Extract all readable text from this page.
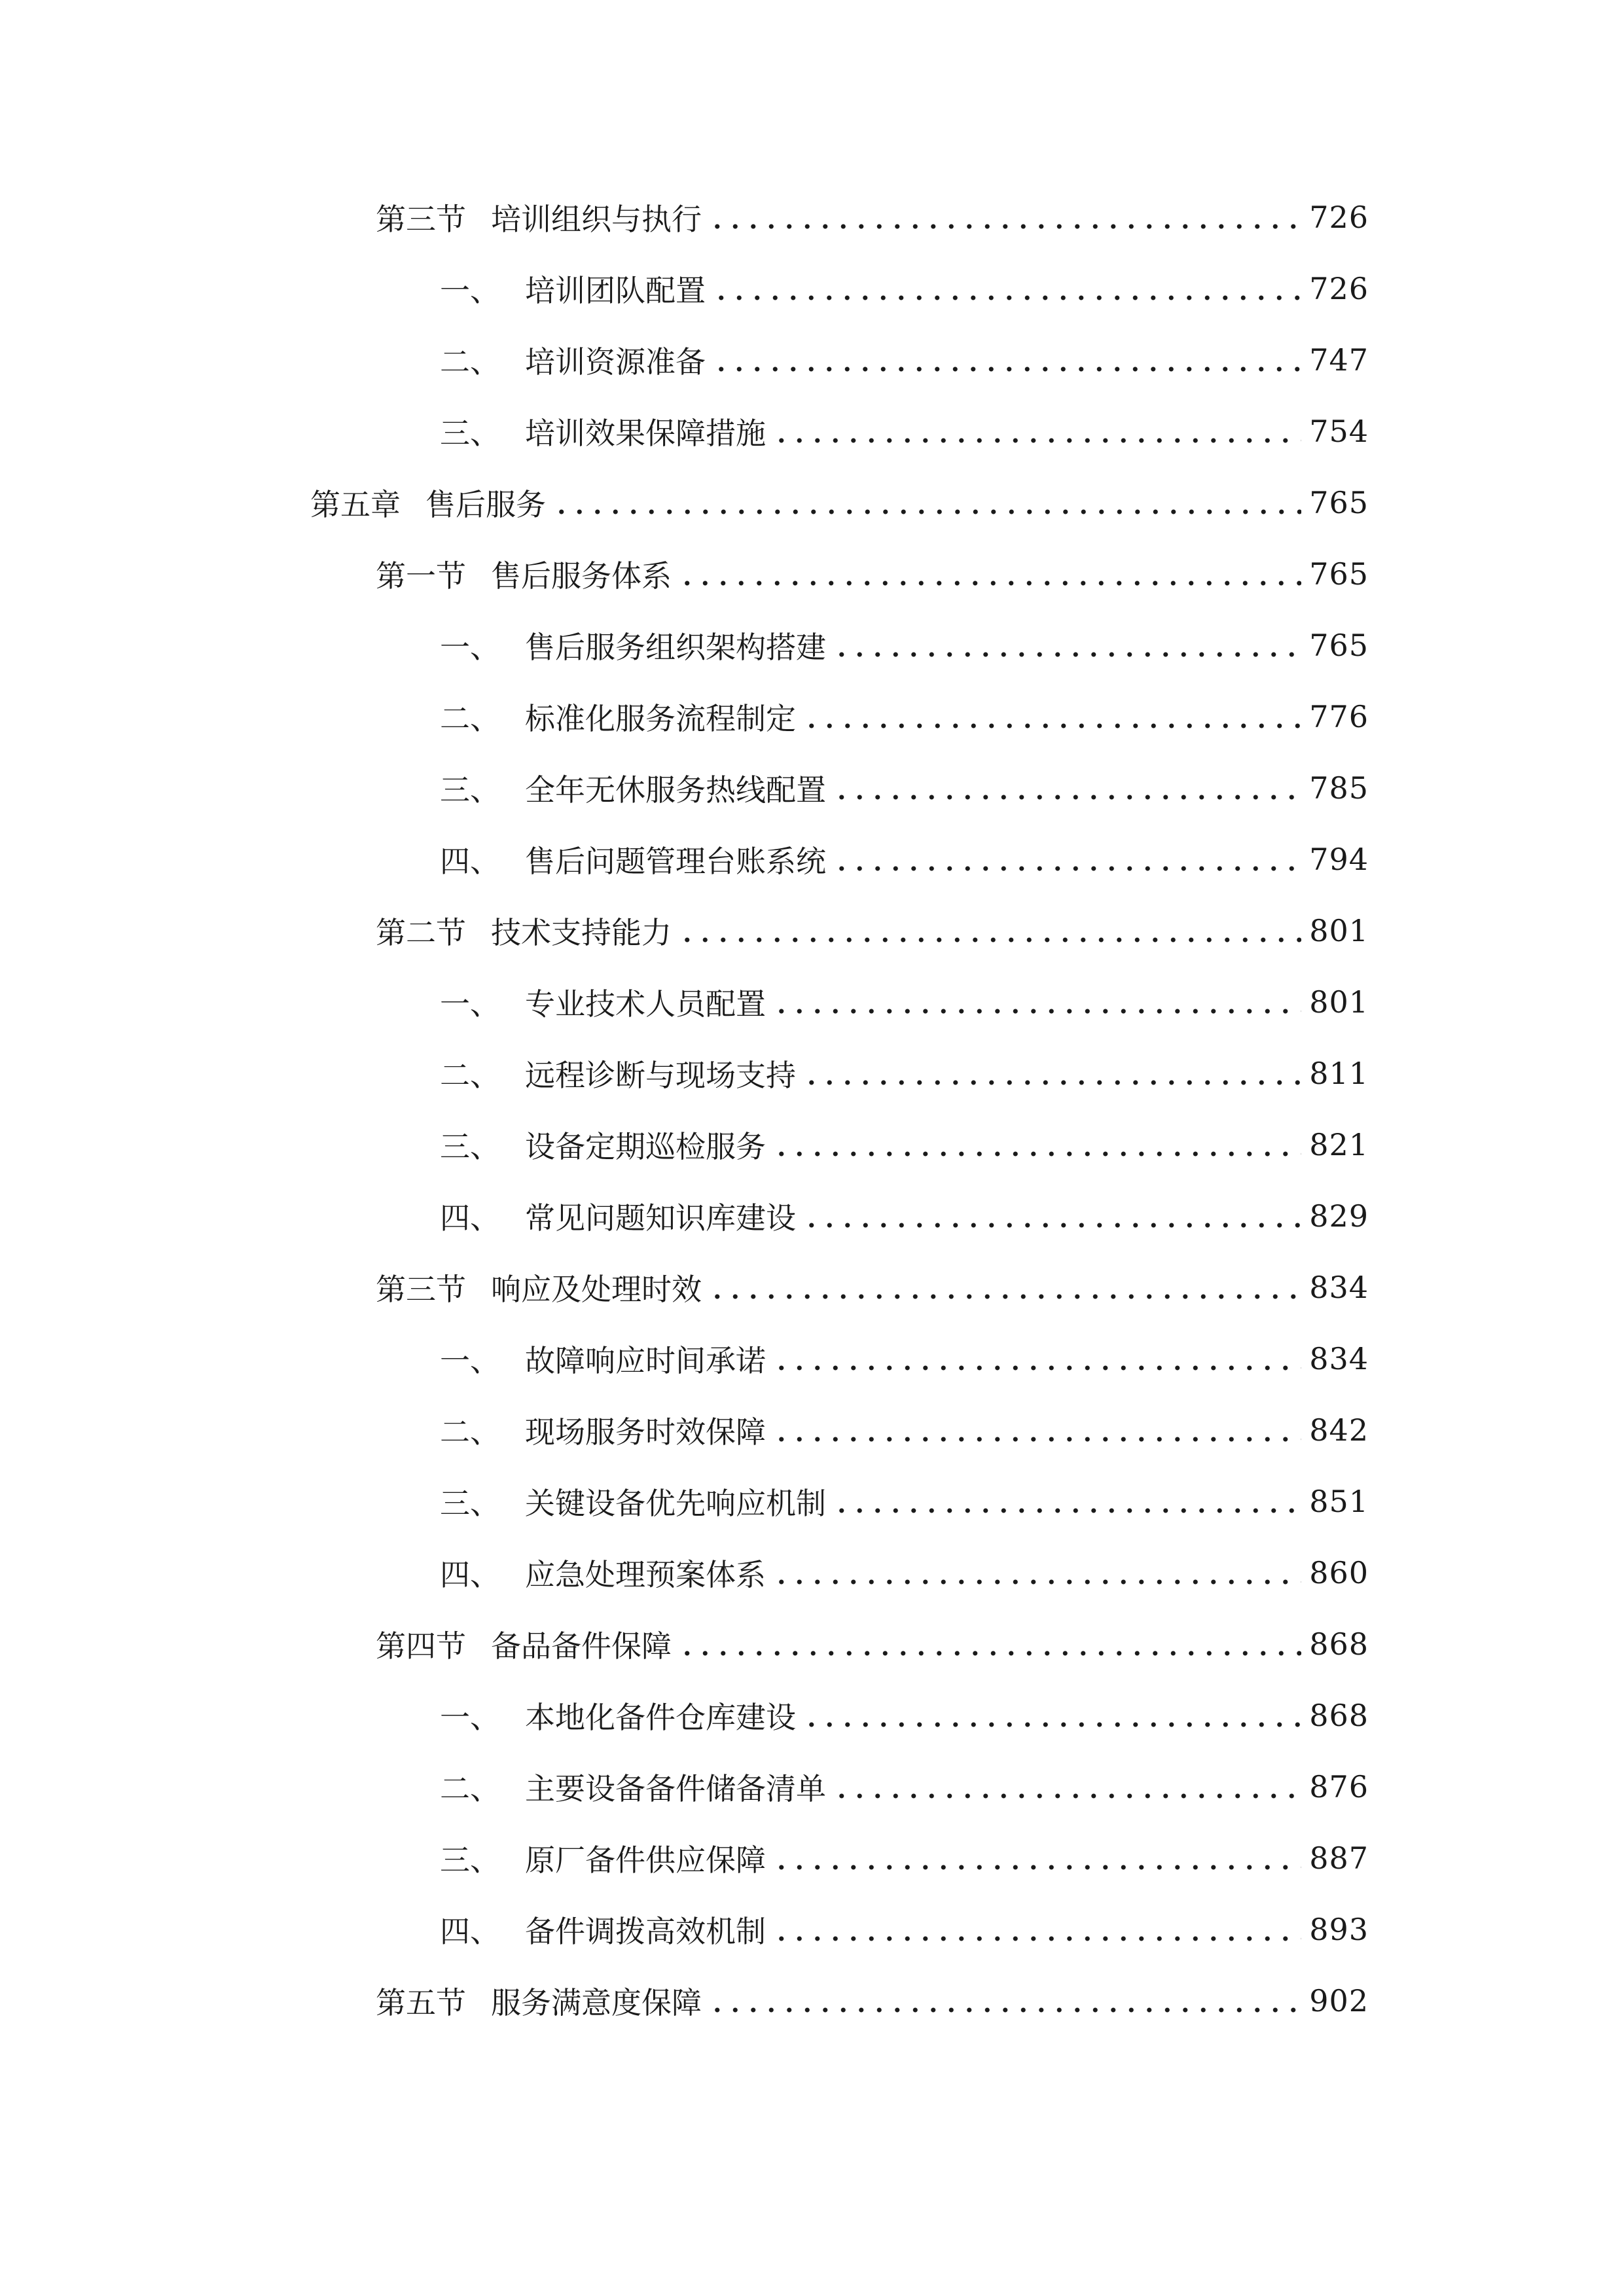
第三节 培训组织与执行	726
一、 培训团队配置	726
二、 培训资源准备	747
三、 培训效果保障措施	754
第五章 售后服务	765
第一节 售后服务体系	765
一、 售后服务组织架构搭建	765
二、 标准化服务流程制定	776
三、 全年无休服务热线配置	785
四、 售后问题管理台账系统	794
第二节 技术支持能力	801
一、 专业技术人员配置	801
二、 远程诊断与现场支持	811
三、 设备定期巡检服务	821
四、 常见问题知识库建设	829
第三节 响应及处理时效	834
一、 故障响应时间承诺	834
二、 现场服务时效保障	842
三、 关键设备优先响应机制	851
四、 应急处理预案体系	860
第四节 备品备件保障	868
一、 本地化备件仓库建设	868
二、 主要设备备件储备清单	876
三、 原厂备件供应保障	887
四、 备件调拨高效机制	893
第五节 服务满意度保障	902
